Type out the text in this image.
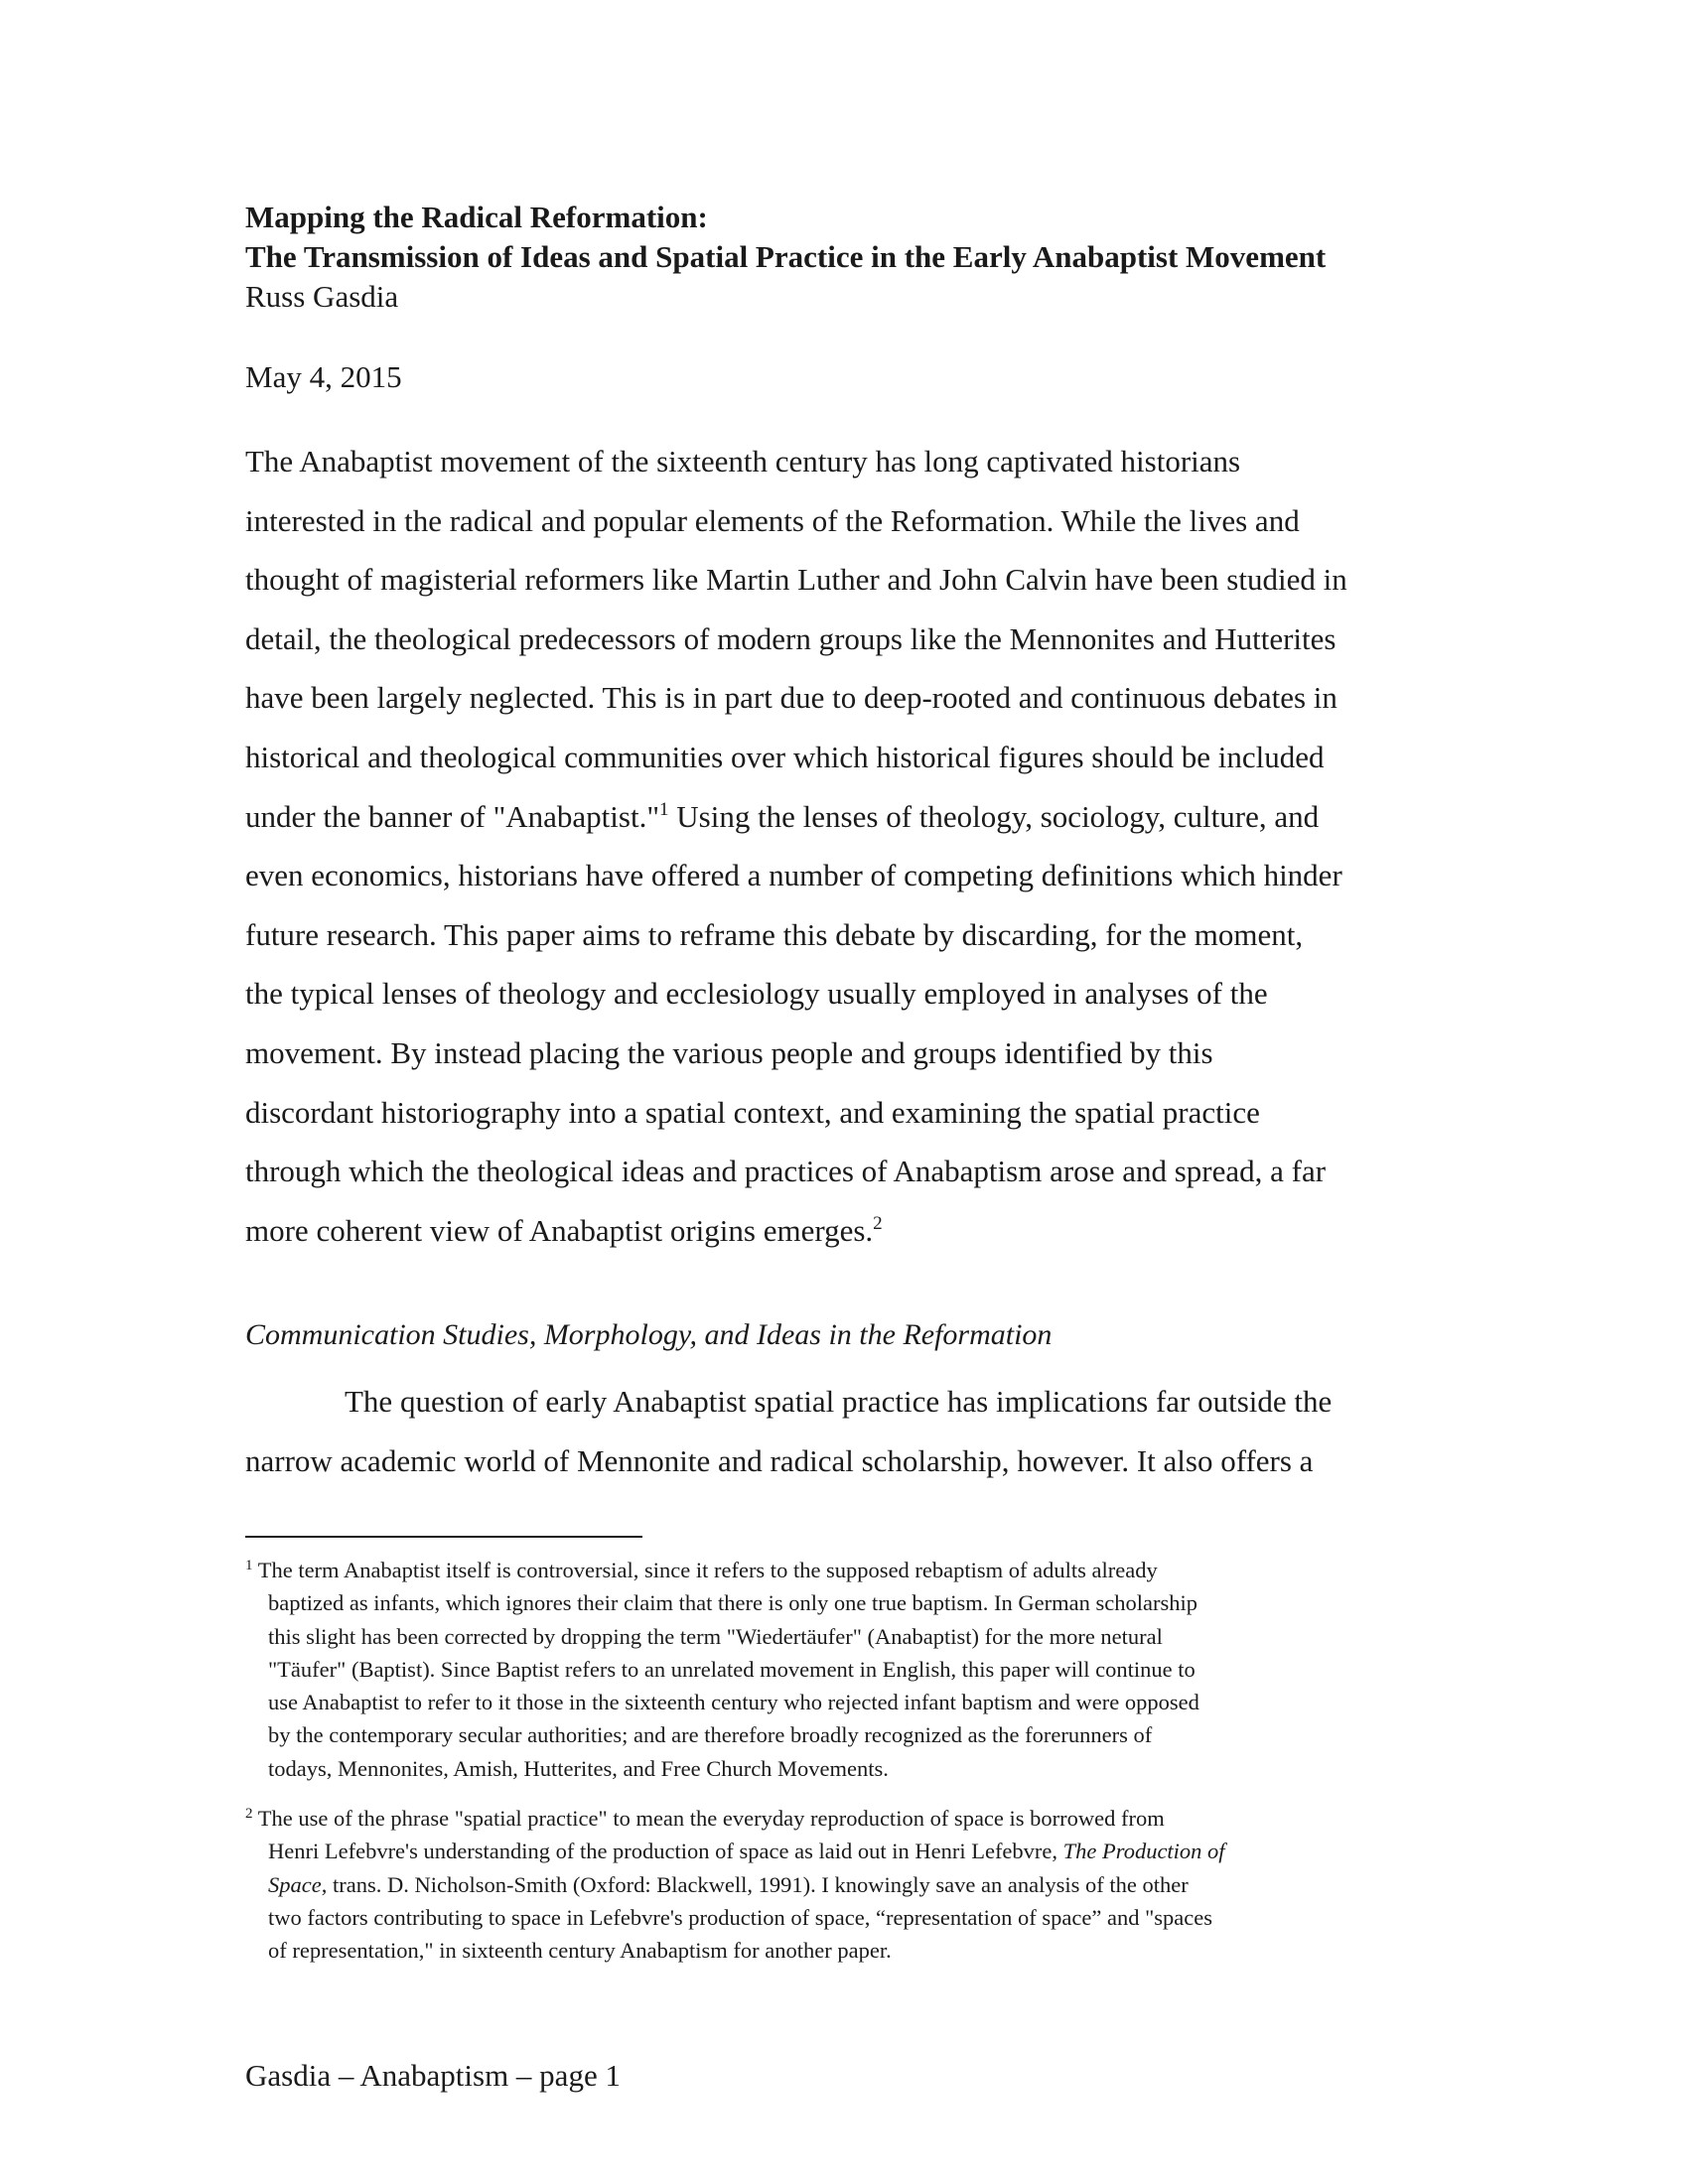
Mapping the Radical Reformation:
The Transmission of Ideas and Spatial Practice in the Early Anabaptist Movement
Russ Gasdia
May 4, 2015
The Anabaptist movement of the sixteenth century has long captivated historians
interested in the radical and popular elements of the Reformation. While the lives and
thought of magisterial reformers like Martin Luther and John Calvin have been studied in
detail, the theological predecessors of modern groups like the Mennonites and Hutterites
have been largely neglected. This is in part due to deep-rooted and continuous debates in
historical and theological communities over which historical figures should be included
under the banner of "Anabaptist."$^1$ Using the lenses of theology, sociology, culture, and
even economics, historians have offered a number of competing definitions which hinder
future research. This paper aims to reframe this debate by discarding, for the moment,
the typical lenses of theology and ecclesiology usually employed in analyses of the
movement. By instead placing the various people and groups identified by this
discordant historiography into a spatial context, and examining the spatial practice
through which the theological ideas and practices of Anabaptism arose and spread, a far
more coherent view of Anabaptist origins emerges.$^2$
Communication Studies, Morphology, and Ideas in the Reformation
The question of early Anabaptist spatial practice has implications far outside the
narrow academic world of Mennonite and radical scholarship, however. It also offers a
$^1$ The term Anabaptist itself is controversial, since it refers to the supposed rebaptism of adults already
baptized as infants, which ignores their claim that there is only one true baptism. In German scholarship
this slight has been corrected by dropping the term "Wiedertäufer" (Anabaptist) for the more netural
"Täufer" (Baptist). Since Baptist refers to an unrelated movement in English, this paper will continue to
use Anabaptist to refer to it those in the sixteenth century who rejected infant baptism and were opposed
by the contemporary secular authorities; and are therefore broadly recognized as the forerunners of
todays, Mennonites, Amish, Hutterites, and Free Church Movements.
$^2$ The use of the phrase "spatial practice" to mean the everyday reproduction of space is borrowed from
Henri Lefebvre's understanding of the production of space as laid out in Henri Lefebvre, The Production of
Space, trans. D. Nicholson-Smith (Oxford: Blackwell, 1991). I knowingly save an analysis of the other
two factors contributing to space in Lefebvre's production of space, “representation of space” and "spaces
of representation," in sixteenth century Anabaptism for another paper.
Gasdia – Anabaptism – page 1
